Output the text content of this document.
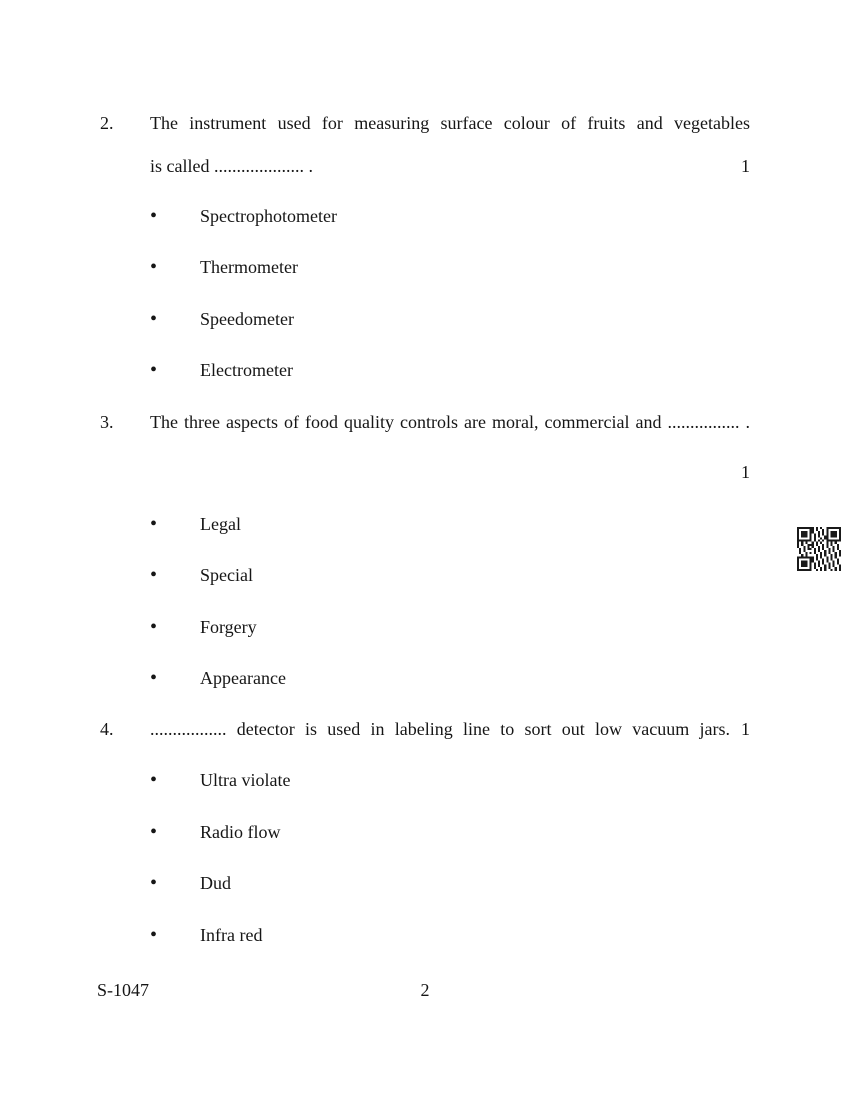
2. The instrument used for measuring surface colour of fruits and vegetables
is called .................... .	1
•	Spectrophotometer
•	Thermometer
•	Speedometer
•	Electrometer
3. The three aspects of food quality controls are moral, commercial and ................ .
1
•	Legal
•	Special
•	Forgery
•	Appearance
4. ................. detector is used in labeling line to sort out low vacuum jars. 1
•	Ultra violate
•	Radio flow
•	Dud
•	Infra red
S-1047	2
